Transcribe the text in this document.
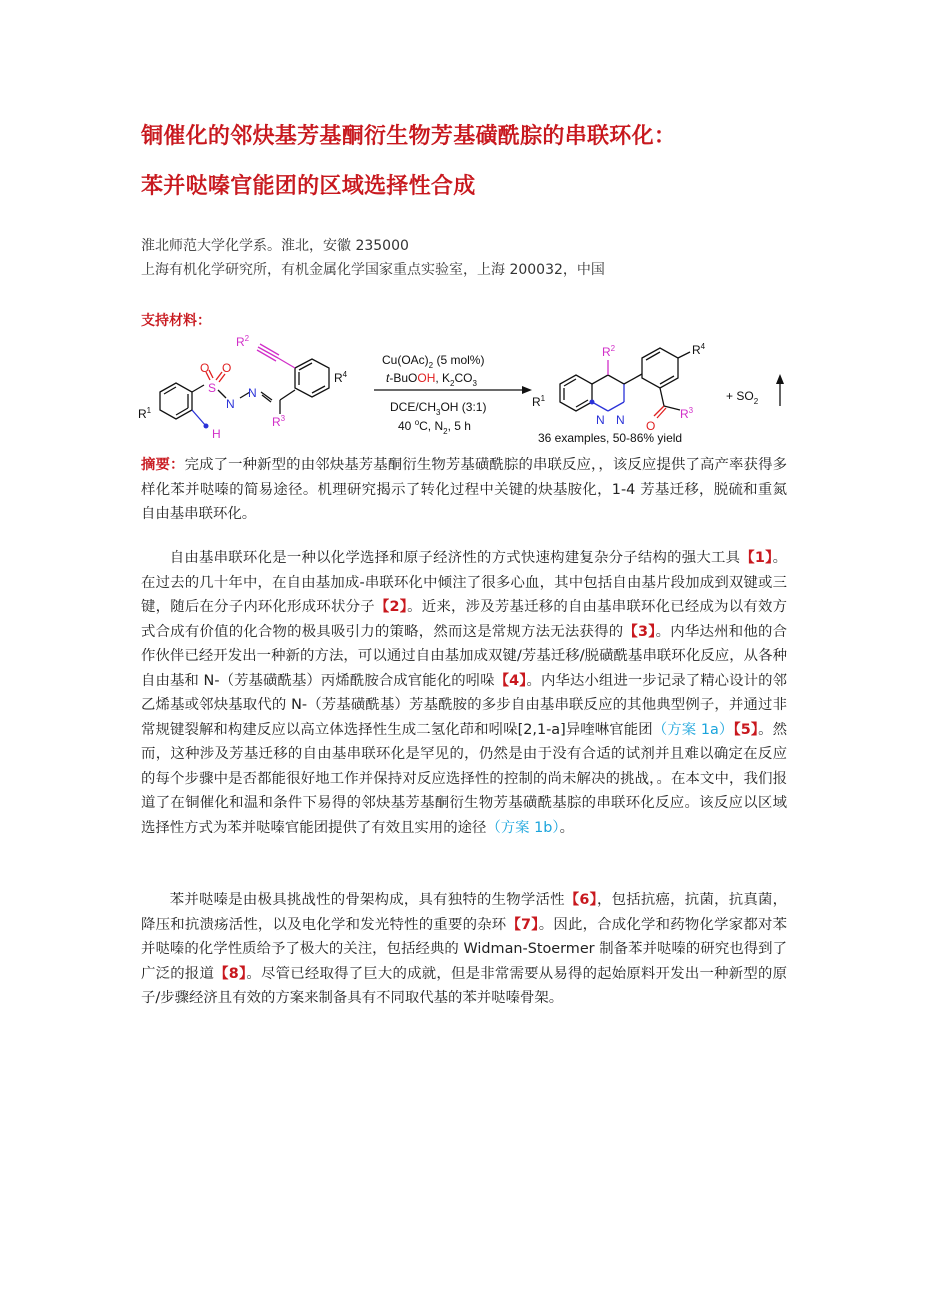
铜催化的邻炔基芳基酮衍生物芳基磺酰腙的串联环化：
苯并哒嗪官能团的区域选择性合成
淮北师范大学化学系。淮北，安徽 235000
上海有机化学研究所，有机金属化学国家重点实验室，上海 200032，中国
支持材料：
$R^1$
H
S
O O
N
N
$R^2$
$R^3$
$R^4$
$Cu(OAc)_2$ (5 mol%)
t-BuOOH, $K_2CO_3$
DCE/$CH_3OH$ (3:1)
40 $^o$C, $N_2$, 5 h
$R^1$
$R^2$
N N O
$R^3$
$R^4$
+ $SO_2$
36 examples, 50-86% yield

摘要：完成了一种新型的由邻炔基芳基酮衍生物芳基磺酰腙的串联反应，，该反应提供了高产率获得多样化苯并哒嗪的简易途径。机理研究揭示了转化过程中关键的炔基胺化，1-4 芳基迁移，脱硫和重氮自由基串联环化。

自由基串联环化是一种以化学选择和原子经济性的方式快速构建复杂分子结构的强大工具【1】。在过去的几十年中，在自由基加成-串联环化中倾注了很多心血，其中包括自由基片段加成到双键或三键，随后在分子内环化形成环状分子【2】。近来，涉及芳基迁移的自由基串联环化已经成为以有效方式合成有价值的化合物的极具吸引力的策略，然而这是常规方法无法获得的【3】。内华达州和他的合作伙伴已经开发出一种新的方法，可以通过自由基加成双键/芳基迁移/脱磺酰基串联环化反应，从各种自由基和 N-（芳基磺酰基）丙烯酰胺合成官能化的吲哚【4】。内华达小组进一步记录了精心设计的邻乙烯基或邻炔基取代的 N-（芳基磺酰基）芳基酰胺的多步自由基串联反应的其他典型例子，并通过非常规键裂解和构建反应以高立体选择性生成二氢化茚和吲哚[2,1-a]异喹啉官能团（方案 1a）【5】。然而，这种涉及芳基迁移的自由基串联环化是罕见的，仍然是由于没有合适的试剂并且难以确定在反应的每个步骤中是否都能很好地工作并保持对反应选择性的控制的尚未解决的挑战，。在本文中，我们报道了在铜催化和温和条件下易得的邻炔基芳基酮衍生物芳基磺酰基腙的串联环化反应。该反应以区域选择性方式为苯并哒嗪官能团提供了有效且实用的途径（方案 1b）。

苯并哒嗪是由极具挑战性的骨架构成，具有独特的生物学活性【6】，包括抗癌，抗菌，抗真菌，降压和抗溃疡活性，以及电化学和发光特性的重要的杂环【7】。因此，合成化学和药物化学家都对苯并哒嗪的化学性质给予了极大的关注，包括经典的 Widman-Stoermer 制备苯并哒嗪的研究也得到了广泛的报道【8】。尽管已经取得了巨大的成就，但是非常需要从易得的起始原料开发出一种新型的原子/步骤经济且有效的方案来制备具有不同取代基的苯并哒嗪骨架。
